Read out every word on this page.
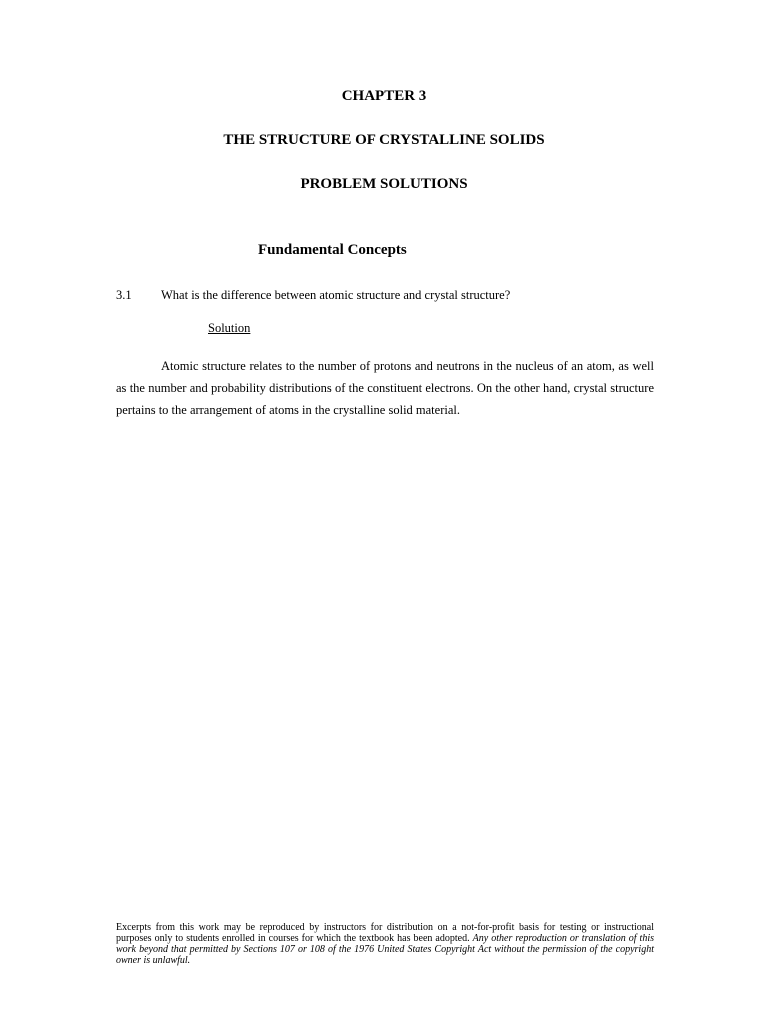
CHAPTER 3
THE STRUCTURE OF CRYSTALLINE SOLIDS
PROBLEM SOLUTIONS
Fundamental Concepts
3.1 What is the difference between atomic structure and crystal structure?
Solution

Atomic structure relates to the number of protons and neutrons in the nucleus of an atom, as well as the number and probability distributions of the constituent electrons. On the other hand, crystal structure pertains to the arrangement of atoms in the crystalline solid material.

Excerpts from this work may be reproduced by instructors for distribution on a not-for-profit basis for testing or instructional purposes only to students enrolled in courses for which the textbook has been adopted. Any other reproduction or translation of this work beyond that permitted by Sections 107 or 108 of the 1976 United States Copyright Act without the permission of the copyright owner is unlawful.
